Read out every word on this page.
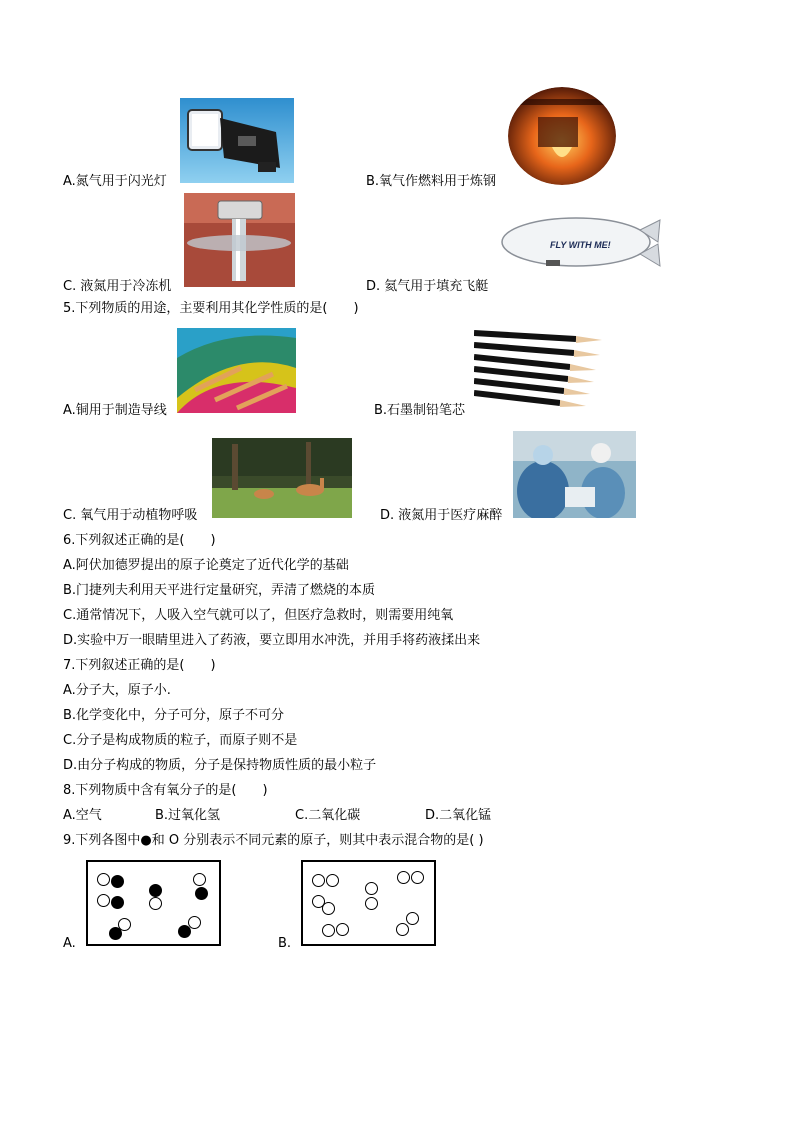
A.氮气用于闪光灯	B.氧气作燃料用于炼钢
C. 液氮用于冷冻机
FLY WITH ME!
D. 氦气用于填充飞艇
5.下列物质的用途，主要利用其化学性质的是(　　)
A.铜用于制造导线	B.石墨制铅笔芯
C. 氧气用于动植物呼吸	D. 液氮用于医疗麻醉
6.下列叙述正确的是(　　)
A.阿伏加德罗提出的原子论奠定了近代化学的基础
B.门捷列夫利用天平进行定量研究，弄清了燃烧的本质
C.通常情况下，人吸入空气就可以了，但医疗急救时，则需要用纯氧
D.实验中万一眼睛里进入了药液，要立即用水冲洗，并用手将药液揉出来
7.下列叙述正确的是(　　)
A.分子大，原子小.
B.化学变化中，分子可分，原子不可分
C.分子是构成物质的粒子，而原子则不是
D.由分子构成的物质，分子是保持物质性质的最小粒子
8.下列物质中含有氧分子的是(　　)
A.空气	B.过氧化氢	C.二氧化碳	D.二氧化锰
9.下列各图中●和 O 分别表示不同元素的原子，则其中表示混合物的是( )
A.	B.
